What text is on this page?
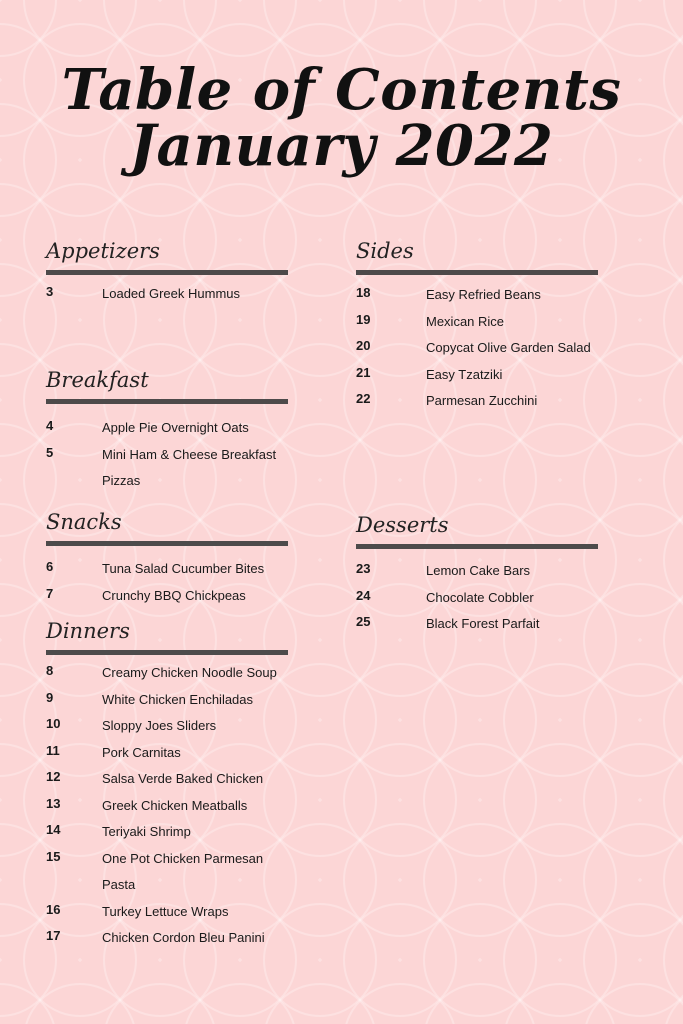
Table of Contents
January 2022
Appetizers
3	Loaded Greek Hummus
Breakfast
4	Apple Pie Overnight Oats
5	Mini Ham & Cheese Breakfast
Pizzas
Snacks
6	Tuna Salad Cucumber Bites
7	Crunchy BBQ Chickpeas
Dinners
8	Creamy Chicken Noodle Soup
9	White Chicken Enchiladas
10	Sloppy Joes Sliders
11	Pork Carnitas
12	Salsa Verde Baked Chicken
13	Greek Chicken Meatballs
14	Teriyaki Shrimp
15	One Pot Chicken Parmesan
Pasta
16	Turkey Lettuce Wraps
17	Chicken Cordon Bleu Panini
Sides
18	Easy Refried Beans
19	Mexican Rice
20	Copycat Olive Garden Salad
21	Easy Tzatziki
22	Parmesan Zucchini
Desserts
23	Lemon Cake Bars
24	Chocolate Cobbler
25	Black Forest Parfait
